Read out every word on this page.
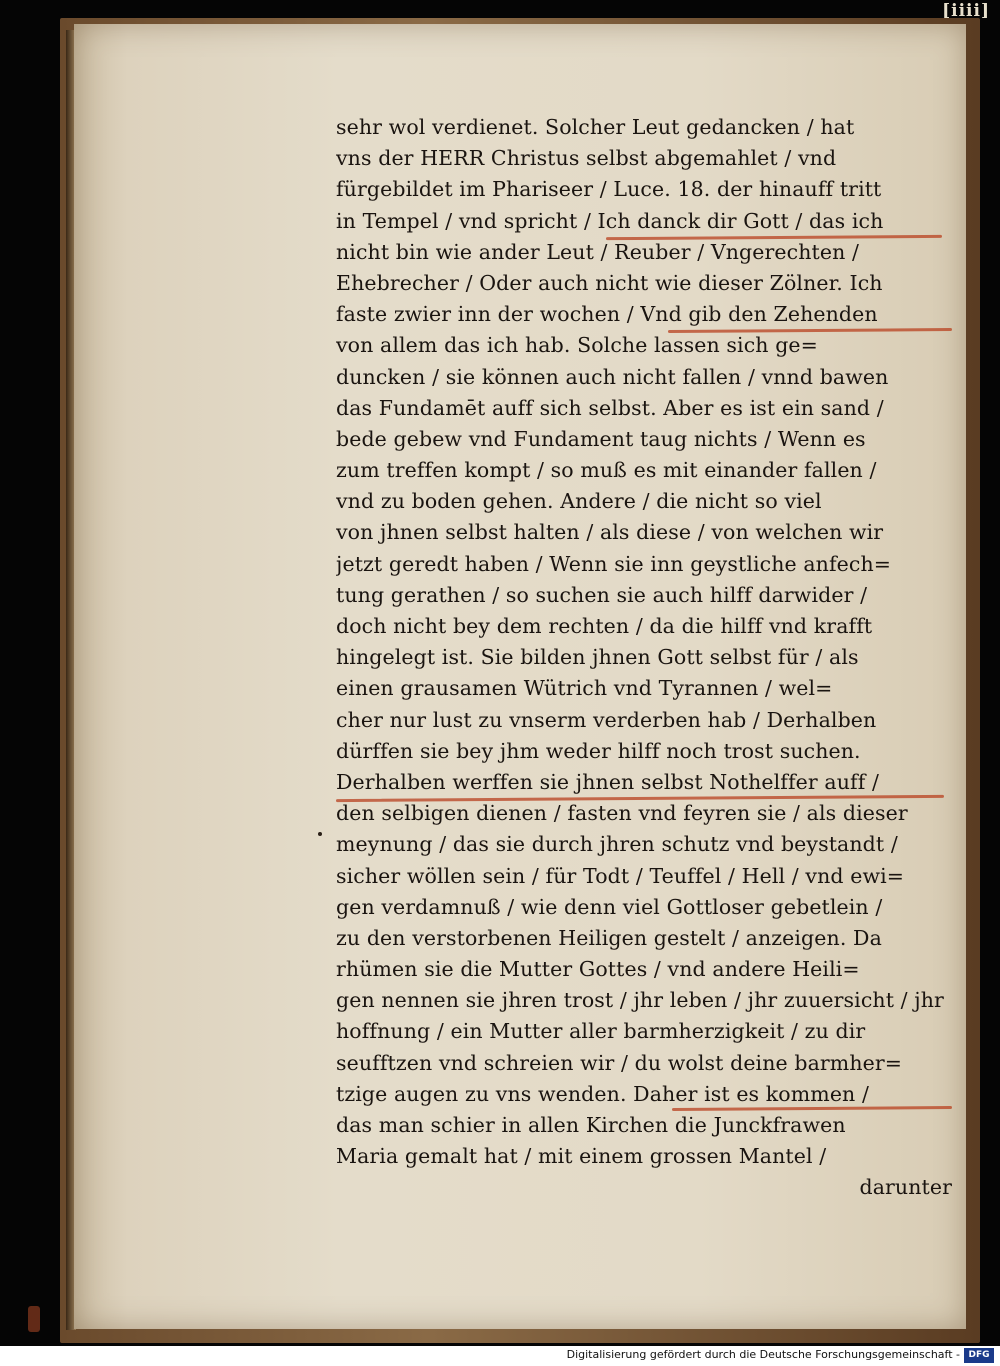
[iiii]
sehr wol verdienet. Solcher Leut gedancken / hat
vns der HERR Christus selbst abgemahlet / vnd
fürgebildet im Phariseer / Luce. 18. der hinauff tritt
in Tempel / vnd spricht / Ich danck dir Gott / das ich
nicht bin wie ander Leut / Reuber / Vngerechten /
Ehebrecher / Oder auch nicht wie dieser Zölner. Ich
faste zwier inn der wochen / Vnd gib den Zehenden
von allem das ich hab. Solche lassen sich ge=
duncken / sie können auch nicht fallen / vnnd bawen
das Fundamēt auff sich selbst. Aber es ist ein sand /
bede gebew vnd Fundament taug nichts / Wenn es
zum treffen kompt / so muß es mit einander fallen /
vnd zu boden gehen. Andere / die nicht so viel
von jhnen selbst halten / als diese / von welchen wir
jetzt geredt haben / Wenn sie inn geystliche anfech=
tung gerathen / so suchen sie auch hilff darwider /
doch nicht bey dem rechten / da die hilff vnd krafft
hingelegt ist. Sie bilden jhnen Gott selbst für / als
einen grausamen Wütrich vnd Tyrannen / wel=
cher nur lust zu vnserm verderben hab / Derhalben
dürffen sie bey jhm weder hilff noch trost suchen.
Derhalben werffen sie jhnen selbst Nothelffer auff /
den selbigen dienen / fasten vnd feyren sie / als dieser
meynung / das sie durch jhren schutz vnd beystandt /
sicher wöllen sein / für Todt / Teuffel / Hell / vnd ewi=
gen verdamnuß / wie denn viel Gottloser gebetlein /
zu den verstorbenen Heiligen gestelt / anzeigen. Da
rhümen sie die Mutter Gottes / vnd andere Heili=
gen nennen sie jhren trost / jhr leben / jhr zuuersicht / jhr
hoffnung / ein Mutter aller barmherzigkeit / zu dir
seufftzen vnd schreien wir / du wolst deine barmher=
tzige augen zu vns wenden. Daher ist es kommen /
das man schier in allen Kirchen die Junckfrawen
Maria gemalt hat / mit einem grossen Mantel /
darunter
Digitalisierung gefördert durch die Deutsche Forschungsgemeinschaft - DFG
